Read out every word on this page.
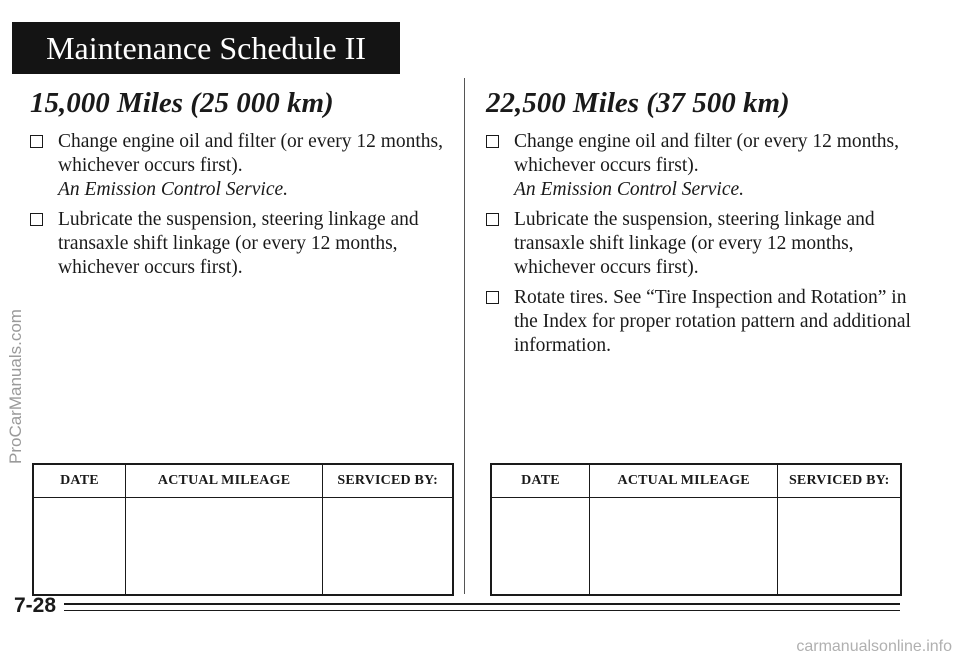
Maintenance Schedule II
15,000 Miles (25 000 km)
Change engine oil and filter (or every 12 months, whichever occurs first).
An Emission Control Service.
Lubricate the suspension, steering linkage and transaxle shift linkage (or every 12 months, whichever occurs first).
22,500 Miles (37 500 km)
Change engine oil and filter (or every 12 months, whichever occurs first).
An Emission Control Service.
Lubricate the suspension, steering linkage and transaxle shift linkage (or every 12 months, whichever occurs first).
Rotate tires. See “Tire Inspection and Rotation” in the Index for proper rotation pattern and additional information.
DATE	ACTUAL MILEAGE	SERVICED BY:
			DATE	ACTUAL MILEAGE	SERVICED BY:

7-28
ProCarManuals.com
carmanualsonline.info
